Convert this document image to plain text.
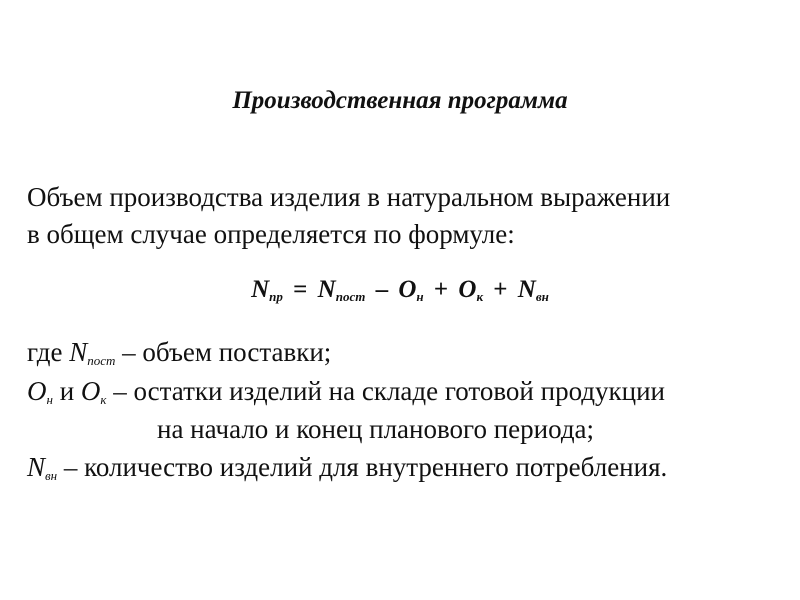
Производственная программа
Объем производства изделия в натуральном выражении
в общем случае определяется по формуле:
Nпр = Nпост – Он + Ок + Nвн
где $N_{пост}$ – объем поставки;
$О_н$ и $О_к$ – остатки изделий на складе готовой продукции
на начало и конец планового периода;
$N_{вн}$ – количество изделий для внутреннего потребления.
